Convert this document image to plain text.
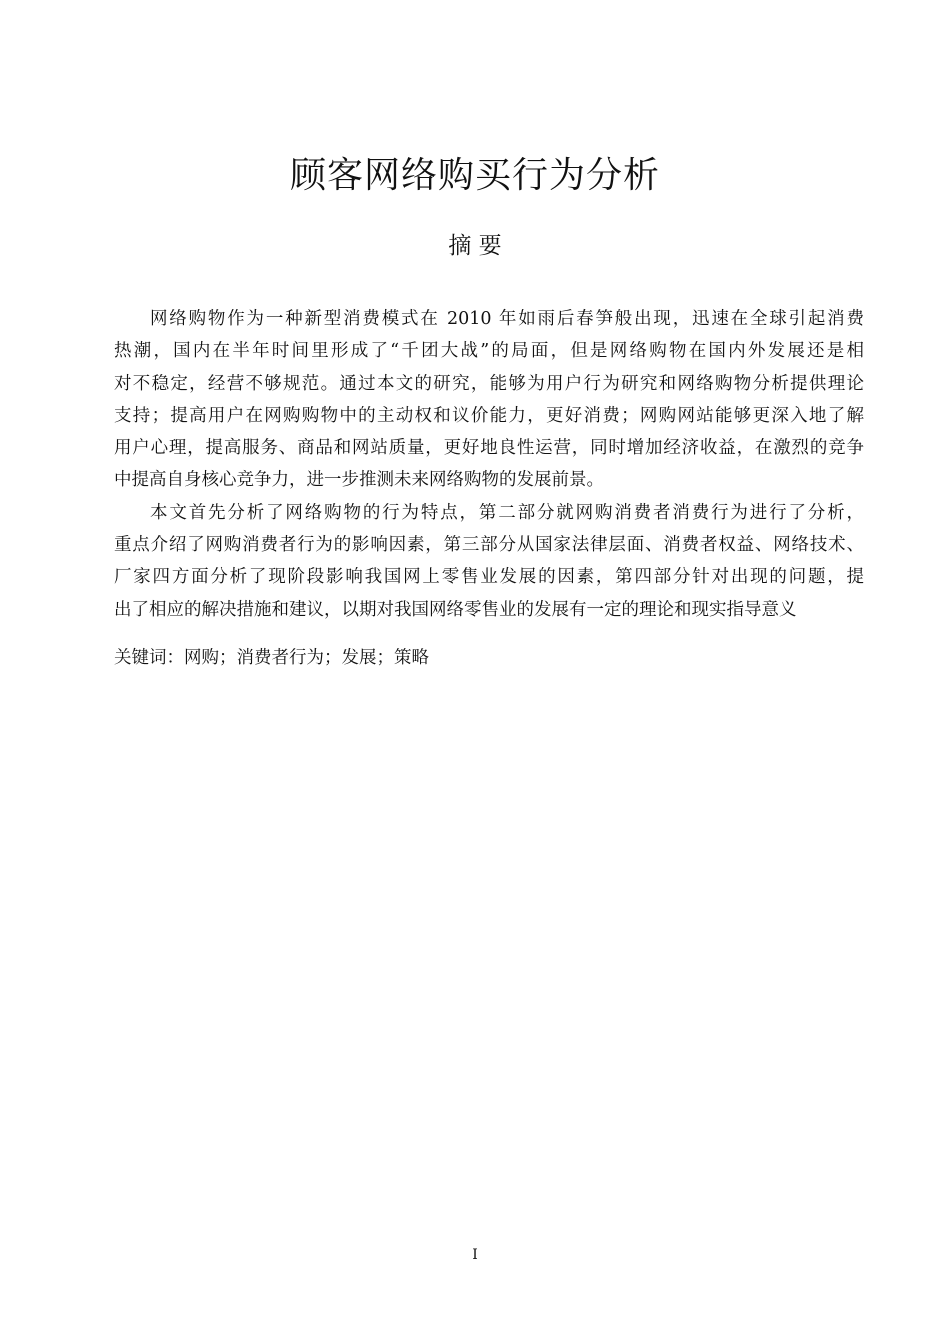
顾客网络购买行为分析
摘 要
网络购物作为一种新型消费模式在 2010 年如雨后春笋般出现，迅速在全球引起消费
热潮，国内在半年时间里形成了“千团大战”的局面，但是网络购物在国内外发展还是相
对不稳定，经营不够规范。通过本文的研究，能够为用户行为研究和网络购物分析提供理论
支持；提高用户在网购购物中的主动权和议价能力，更好消费；网购网站能够更深入地了解
用户心理，提高服务、商品和网站质量，更好地良性运营，同时增加经济收益，在激烈的竞争
中提高自身核心竞争力，进一步推测未来网络购物的发展前景。
本文首先分析了网络购物的行为特点，第二部分就网购消费者消费行为进行了分析，
重点介绍了网购消费者行为的影响因素，第三部分从国家法律层面、消费者权益、网络技术、
厂家四方面分析了现阶段影响我国网上零售业发展的因素，第四部分针对出现的问题，提
出了相应的解决措施和建议，以期对我国网络零售业的发展有一定的理论和现实指导意义
关键词：网购；消费者行为；发展；策略
I
